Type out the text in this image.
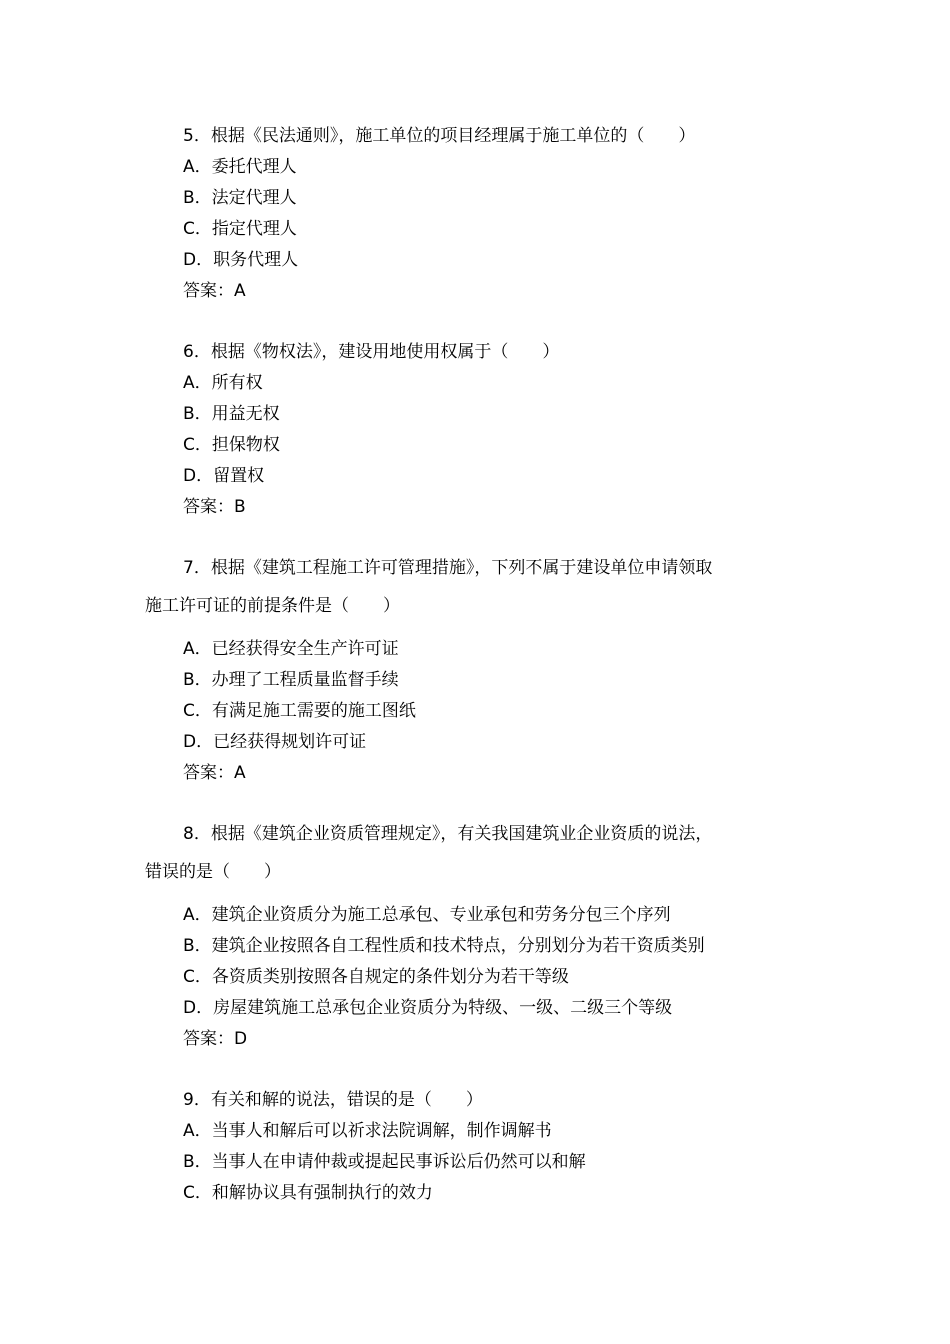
5．根据《民法通则》，施工单位的项目经理属于施工单位的（　　）
A．委托代理人
B．法定代理人
C．指定代理人
D．职务代理人
答案：A
6．根据《物权法》，建设用地使用权属于（　　）
A．所有权
B．用益无权
C．担保物权
D．留置权
答案：B
7．根据《建筑工程施工许可管理措施》，下列不属于建设单位申请领取
施工许可证的前提条件是（　　）
A．已经获得安全生产许可证
B．办理了工程质量监督手续
C．有满足施工需要的施工图纸
D．已经获得规划许可证
答案：A
8．根据《建筑企业资质管理规定》，有关我国建筑业企业资质的说法，
错误的是（　　）
A．建筑企业资质分为施工总承包、专业承包和劳务分包三个序列
B．建筑企业按照各自工程性质和技术特点，分别划分为若干资质类别
C．各资质类别按照各自规定的条件划分为若干等级
D．房屋建筑施工总承包企业资质分为特级、一级、二级三个等级
答案：D
9．有关和解的说法，错误的是（　　）
A．当事人和解后可以祈求法院调解，制作调解书
B．当事人在申请仲裁或提起民事诉讼后仍然可以和解
C．和解协议具有强制执行的效力
